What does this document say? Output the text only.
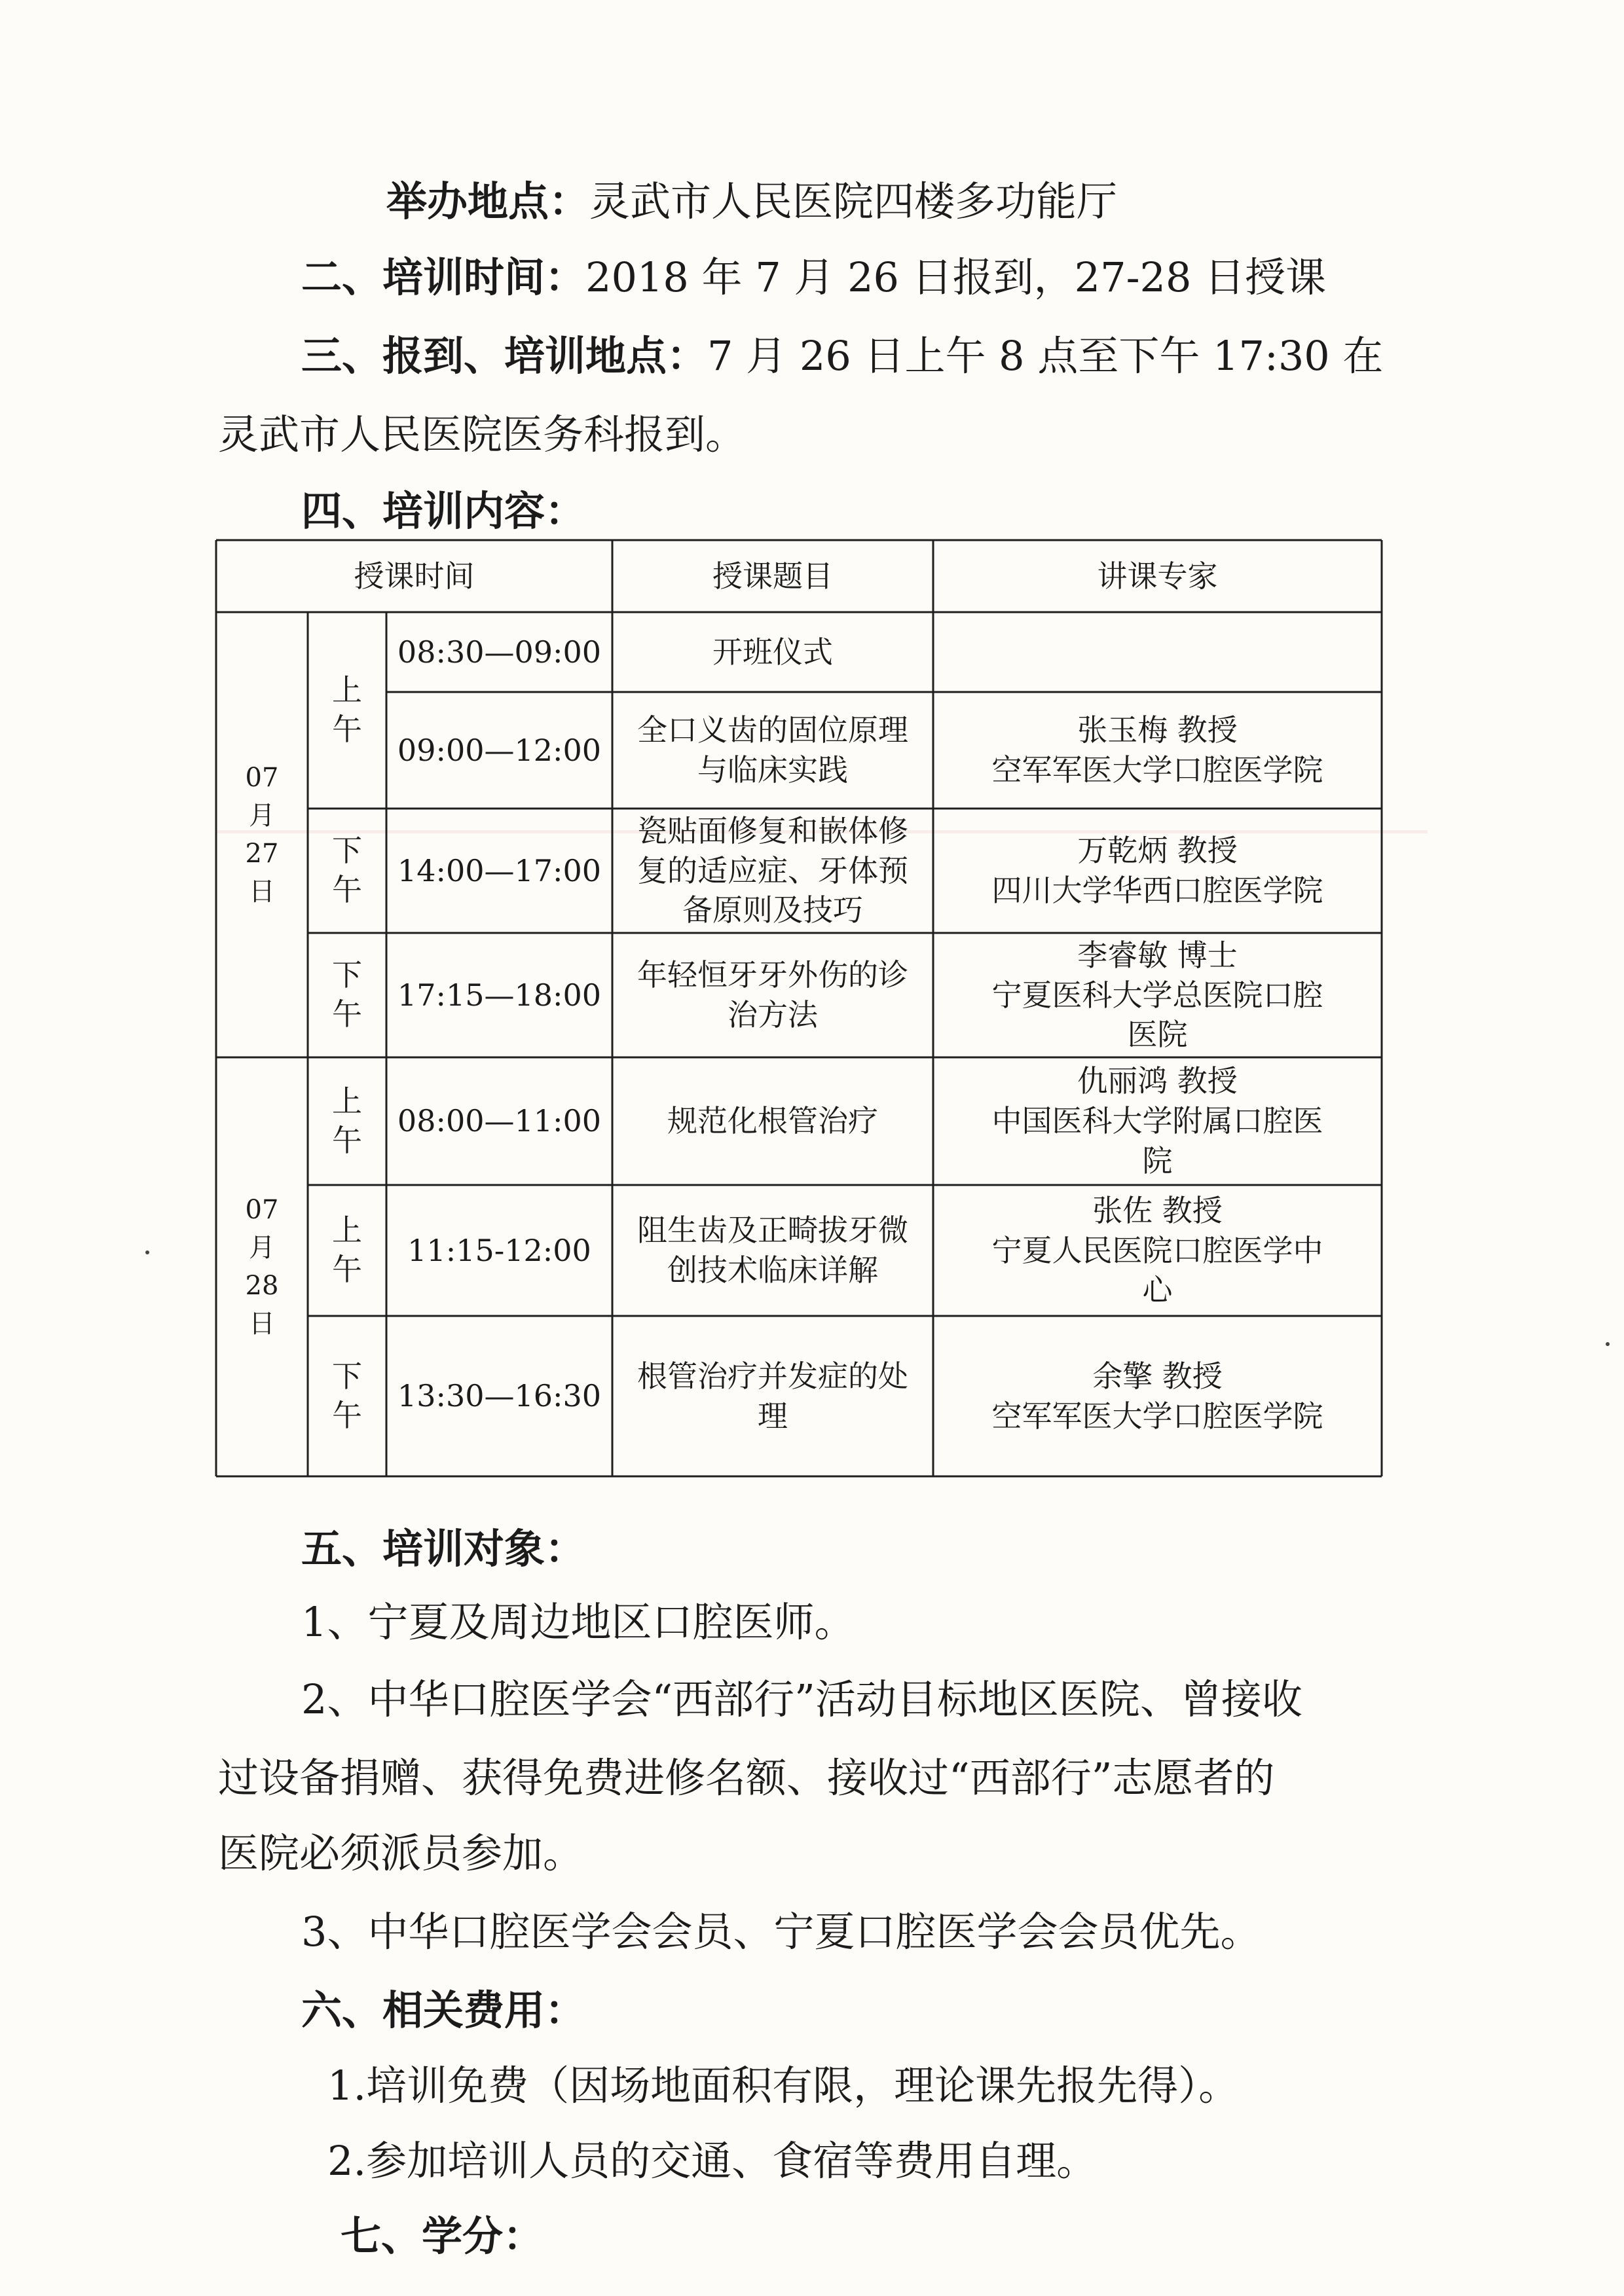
举办地点：灵武市人民医院四楼多功能厅
二、培训时间：2018 年 7 月 26 日报到，27-28 日授课
三、报到、培训地点：7 月 26 日上午 8 点至下午 17:30 在
灵武市人民医院医务科报到。
四、培训内容：
授课时间	授课题目	讲课专家
07
月
27
日
07
月
28
日
上午
下午
下午
上午
上午
下午
08:30—09:00
09:00—12:00
14:00—17:00
17:15—18:00
08:00—11:00
11:15-12:00
13:30—16:30
开班仪式
全口义齿的固位原理
与临床实践
瓷贴面修复和嵌体修
复的适应症、牙体预
备原则及技巧
年轻恒牙牙外伤的诊
治方法
规范化根管治疗
阻生齿及正畸拔牙微
创技术临床详解
根管治疗并发症的处
理
张玉梅 教授
空军军医大学口腔医学院
万乾炳 教授
四川大学华西口腔医学院
李睿敏 博士
宁夏医科大学总医院口腔
医院
仇丽鸿 教授
中国医科大学附属口腔医
院
张佐 教授
宁夏人民医院口腔医学中
心
余擎 教授
空军军医大学口腔医学院
五、培训对象：
1、宁夏及周边地区口腔医师。
2、中华口腔医学会“西部行”活动目标地区医院、曾接收
过设备捐赠、获得免费进修名额、接收过“西部行”志愿者的
医院必须派员参加。
3、中华口腔医学会会员、宁夏口腔医学会会员优先。
六、相关费用：
1.培训免费（因场地面积有限，理论课先报先得）。
2.参加培训人员的交通、食宿等费用自理。
七、学分：
